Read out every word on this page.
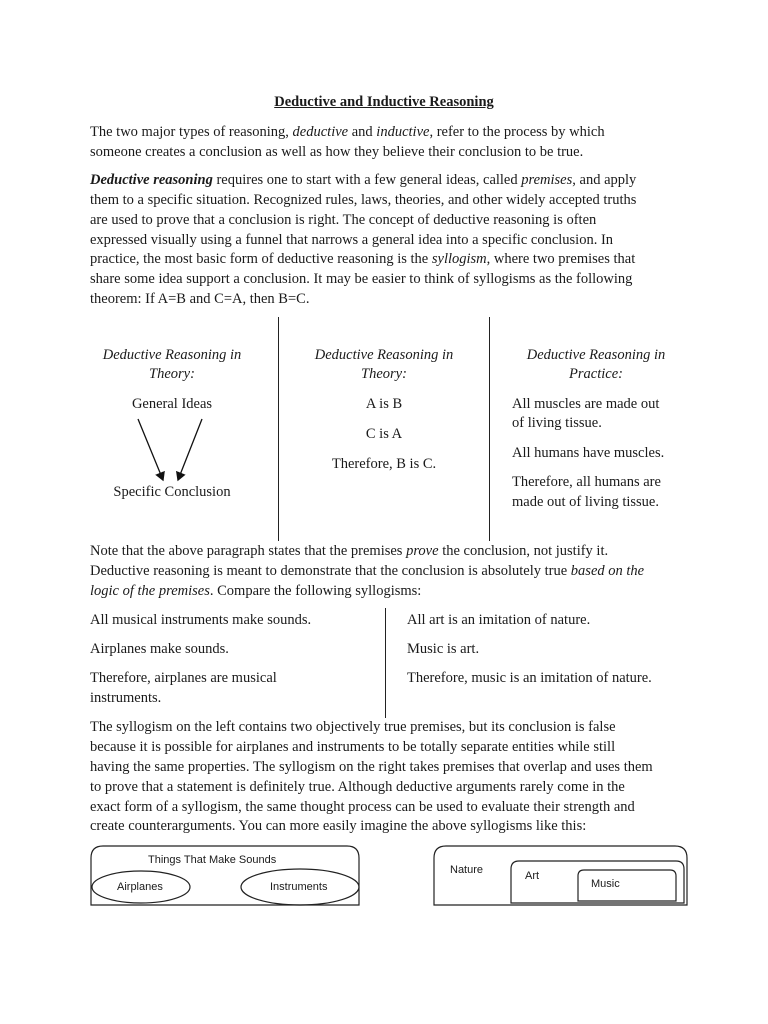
Deductive and Inductive Reasoning
The two major types of reasoning, deductive and inductive, refer to the process by which
someone creates a conclusion as well as how they believe their conclusion to be true.
Deductive reasoning requires one to start with a few general ideas, called premises, and apply
them to a specific situation. Recognized rules, laws, theories, and other widely accepted truths
are used to prove that a conclusion is right. The concept of deductive reasoning is often
expressed visually using a funnel that narrows a general idea into a specific conclusion. In
practice, the most basic form of deductive reasoning is the syllogism, where two premises that
share some idea support a conclusion. It may be easier to think of syllogisms as the following
theorem: If A=B and C=A, then B=C.
Note that the above paragraph states that the premises prove the conclusion, not justify it.
Deductive reasoning is meant to demonstrate that the conclusion is absolutely true based on the
logic of the premises. Compare the following syllogisms:
The syllogism on the left contains two objectively true premises, but its conclusion is false
because it is possible for airplanes and instruments to be totally separate entities while still
having the same properties. The syllogism on the right takes premises that overlap and uses them
to prove that a statement is definitely true. Although deductive arguments rarely come in the
exact form of a syllogism, the same thought process can be used to evaluate their strength and
create counterarguments. You can more easily imagine the above syllogisms like this:
Deductive Reasoning in
Theory:
General Ideas
Specific Conclusion
Deductive Reasoning in
Theory:
A is B
C is A
Therefore, B is C.
Deductive Reasoning in
Practice:
All muscles are made out
of living tissue.
All humans have muscles.
Therefore, all humans are
made out of living tissue.
All musical instruments make sounds.
Airplanes make sounds.
Therefore, airplanes are musical
instruments.
All art is an imitation of nature.
Music is art.
Therefore, music is an imitation of nature.
Things That Make Sounds
Airplanes	Instruments
Nature	Art
Music
